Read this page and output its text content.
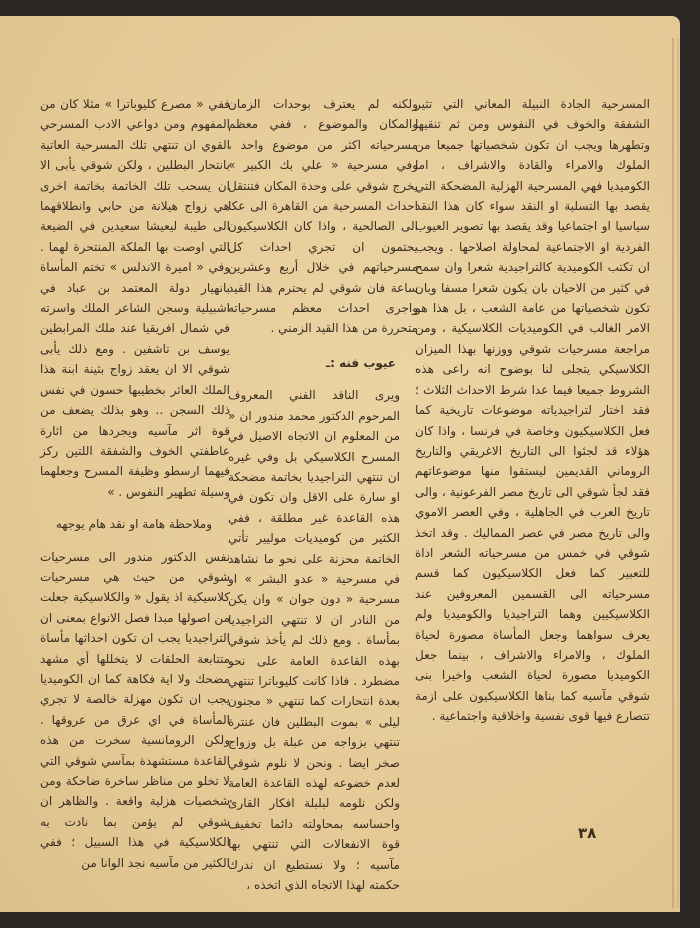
المسرحية الجادة النبيلة المعاني التي تثير الشفقة والخوف في النفوس ومن ثم تنقيها وتطهرها ويجب ان تكون شخصياتها جميعا من الملوك والامراء والقادة والاشراف ، اما الكوميديا فهي المسرحية الهزلية المضحكة التي يقصد بها التسلية او النقد سواء كان هذا النقد سياسيا او اجتماعيا وقد يقصد بها تصوير العيوب الفردية او الاجتماعية لمحاولة اصلاحها . ويجب ان تكتب الكوميدية كالتراجيدية شعرا وان سمح في كثير من الاحيان بان يكون شعرا مسفا وبان تكون شخصياتها من عامة الشعب ، بل هذا هو الامر الغالب في الكوميديات الكلاسيكية ، ومن مراجعة مسرحيات شوقي ووزنها بهذا الميزان الكلاسيكي يتجلى لنا بوضوح انه راعى هذه الشروط جميعا فيما عدا شرط الاحداث الثلاث ؛ فقد اختار لتراجيدياته موضوعات تاريخية كما فعل الكلاسيكيون وخاصة في فرنسا ، واذا كان هؤلاء قد لجئوا الى التاريخ الاغريقي والتاريخ الروماني القديمين ليستقوا منها موضوعاتهم فقد لجأ شوقي الى تاريخ مصر الفرعونية ، والى تاريخ العرب في الجاهلية ، وفي العصر الاموي والى تاريخ مصر في عصر المماليك . وقد اتخذ شوقي في خمس من مسرحياته الشعر اداة للتعبير كما فعل الكلاسيكيون كما قسم مسرحياته الى القسمين المعروفين عند الكلاسيكيين وهما التراجيديا والكوميديا ولم يعرف سواهما وجعل المأساة مصورة لحياة الملوك ، والامراء والاشراف ، بينما جعل الكوميديا مصورة لحياة الشعب واخيرا بنى شوقي مآسيه كما بناها الكلاسيكيون على ازمة تتصارع فيها قوى نفسية واخلاقية واجتماعية .

ولكنه لم يعترف بوحدات الزمان والمكان والموضوع ، ففي معظم مسرحياته اكثر من موضوع واحد ، وفي مسرحية « علي بك الكبير » يخرج شوقي على وحدة المكان فتنتقل احداث المسرحية من القاهرة الى عكا الى الصالحية ، واذا كان الكلاسيكيون يحتمون ان تجري احداث كل مسرحياتهم في خلال أربع وعشرين ساعة فان شوقي لم يحترم هذا القيد واجرى احداث معظم مسرحياته متحررة من هذا القيد الزمني .

عيوب فنه :ـ

ويرى الناقد الفني المعروف المرحوم الدكتور محمد مندور ان « من المعلوم ان الاتجاه الاصيل في المسرح الكلاسيكي بل وفي غيره ان تنتهي التراجيديا بخاتمة مضحكة او سارة على الاقل وان تكون في هذه القاعدة غير مطلقة ، ففي الكثير من كوميديات موليير تأتي الخاتمة محزنة على نحو ما نشاهد في مسرحية « عدو البشر » او مسرحية « دون جوان » وان يكن من النادر ان لا تنتهي التراجيديا بمأساة . ومع ذلك لم يأخذ شوقي بهذه القاعدة العامة على نحو مضطرد . فاذا كانت كليوباترا تنتهي بعدة انتحارات كما تنتهي « مجنون ليلى » بموت البطلين فان عنترة تنتهي بزواجه من عبلة بل وزواج صخر ايضا . ونحن لا نلوم شوقي لعدم خضوعه لهذه القاعدة العامة ولكن نلومه لبلبلة افكار القارئ واحساسه بمحاولته دائما تخفيف قوة الانفعالات التي تنتهي بها مآسيه ؛ ولا نستطيع ان ندرك حكمته لهذا الاتجاه الذي اتخذه ،

ففي « مصرع كليوباترا » مثلا كان من المفهوم ومن دواعي الادب المسرحي القوي ان تنتهي تلك المسرحية العاتية بانتحار البطلين ، ولكن شوقي يأبى الا ان يسحب تلك الخاتمة بخاتمة اخرى هي زواج هيلانة من حابي وانطلاقهما الى طيبة ليعيشا سعيدين في الضيعة التي اوصت بها الملكة المنتحرة لهما . وفي « اميرة الاندلس » تختم المأساة بانهيار دولة المعتمد بن عباد في اشبيلية وسجن الشاعر الملك واسرته في شمال افريقيا عند ملك المرابطين يوسف بن تاشفين . ومع ذلك يأبى شوقي الا ان يعقد زواج بثينة ابنة هذا الملك العاثر بخطيبها حسون في نفس ذلك السجن .. وهو بذلك يضعف من قوة اثر مآسيه ويجردها من اثارة عاطفتي الخوف والشفقة اللتين ركز فيهما ارسطو وظيفة المسرح وجعلهما وسيلة تطهير النفوس . »

وملاحظة هامة او نقد هام يوجهه

نفس الدكتور مندور الى مسرحيات شوقي من حيث هي مسرحيات كلاسيكية اذ يقول « والكلاسيكية جعلت من اصولها مبدا فصل الانواع بمعنى ان التراجيديا يجب ان تكون احداثها مأساة متتابعة الحلقات لا يتخللها أي مشهد مضحك ولا اية فكاهة كما ان الكوميديا يجب ان تكون مهزلة خالصة لا تجري المأساة في اي عرق من عروقها . ولكن الرومانسية سخرت من هذه القاعدة مستشهدة بمآسي شوقي التي لا تخلو من مناظر ساخرة ضاحكة ومن شخصيات هزلية واقعة . والظاهر ان شوقي لم يؤمن بما نادت به الكلاسيكية في هذا السبيل ؛ ففي الكثير من مآسيه نجد الوانا من

٣٨
